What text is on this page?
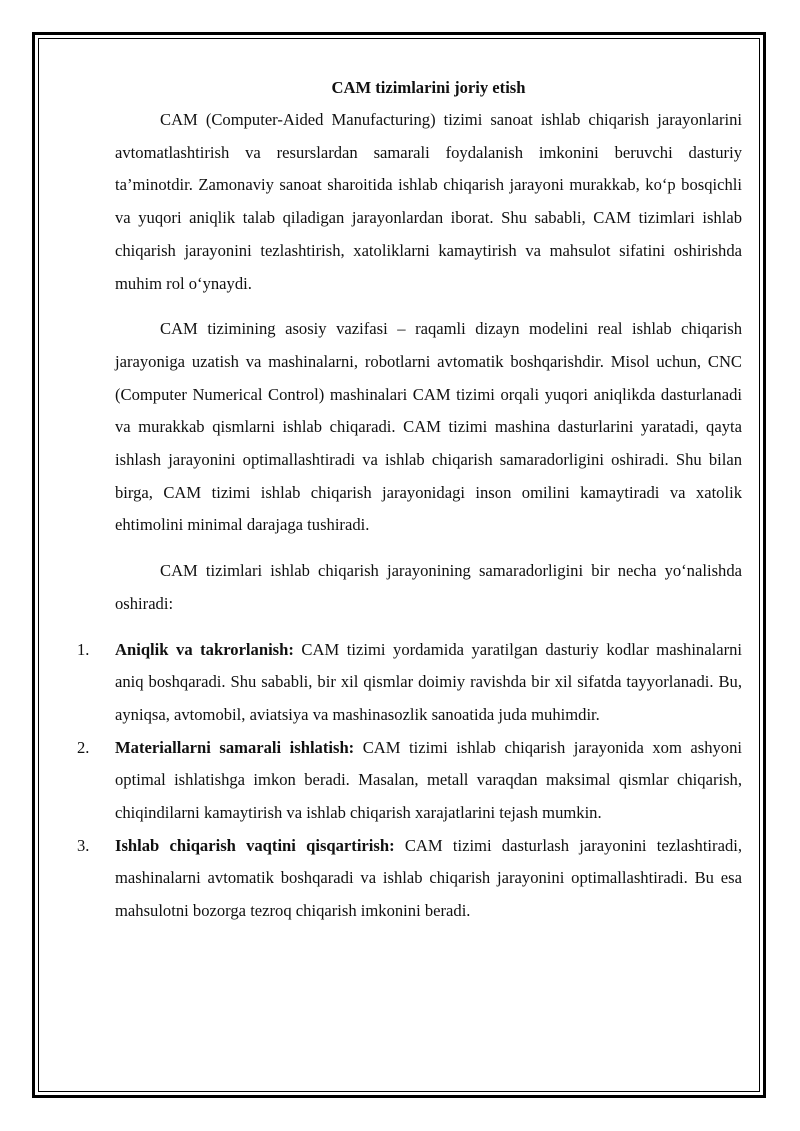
CAM tizimlarini joriy etish

CAM (Computer-Aided Manufacturing) tizimi sanoat ishlab chiqarish jarayonlarini avtomatlashtirish va resurslardan samarali foydalanish imkonini beruvchi dasturiy ta’minotdir. Zamonaviy sanoat sharoitida ishlab chiqarish jarayoni murakkab, ko‘p bosqichli va yuqori aniqlik talab qiladigan jarayonlardan iborat. Shu sababli, CAM tizimlari ishlab chiqarish jarayonini tezlashtirish, xatoliklarni kamaytirish va mahsulot sifatini oshirishda muhim rol o‘ynaydi.

CAM tizimining asosiy vazifasi – raqamli dizayn modelini real ishlab chiqarish jarayoniga uzatish va mashinalarni, robotlarni avtomatik boshqarishdir. Misol uchun, CNC (Computer Numerical Control) mashinalari CAM tizimi orqali yuqori aniqlikda dasturlanadi va murakkab qismlarni ishlab chiqaradi. CAM tizimi mashina dasturlarini yaratadi, qayta ishlash jarayonini optimallashtiradi va ishlab chiqarish samaradorligini oshiradi. Shu bilan birga, CAM tizimi ishlab chiqarish jarayonidagi inson omilini kamaytiradi va xatolik ehtimolini minimal darajaga tushiradi.

CAM tizimlari ishlab chiqarish jarayonining samaradorligini bir necha yo‘nalishda oshiradi:

1. Aniqlik va takrorlanish: CAM tizimi yordamida yaratilgan dasturiy kodlar mashinalarni aniq boshqaradi. Shu sababli, bir xil qismlar doimiy ravishda bir xil sifatda tayyorlanadi. Bu, ayniqsa, avtomobil, aviatsiya va mashinasozlik sanoatida juda muhimdir.
2. Materiallarni samarali ishlatish: CAM tizimi ishlab chiqarish jarayonida xom ashyoni optimal ishlatishga imkon beradi. Masalan, metall varaqdan maksimal qismlar chiqarish, chiqindilarni kamaytirish va ishlab chiqarish xarajatlarini tejash mumkin.
3. Ishlab chiqarish vaqtini qisqartirish: CAM tizimi dasturlash jarayonini tezlashtiradi, mashinalarni avtomatik boshqaradi va ishlab chiqarish jarayonini optimallashtiradi. Bu esa mahsulotni bozorga tezroq chiqarish imkonini beradi.
